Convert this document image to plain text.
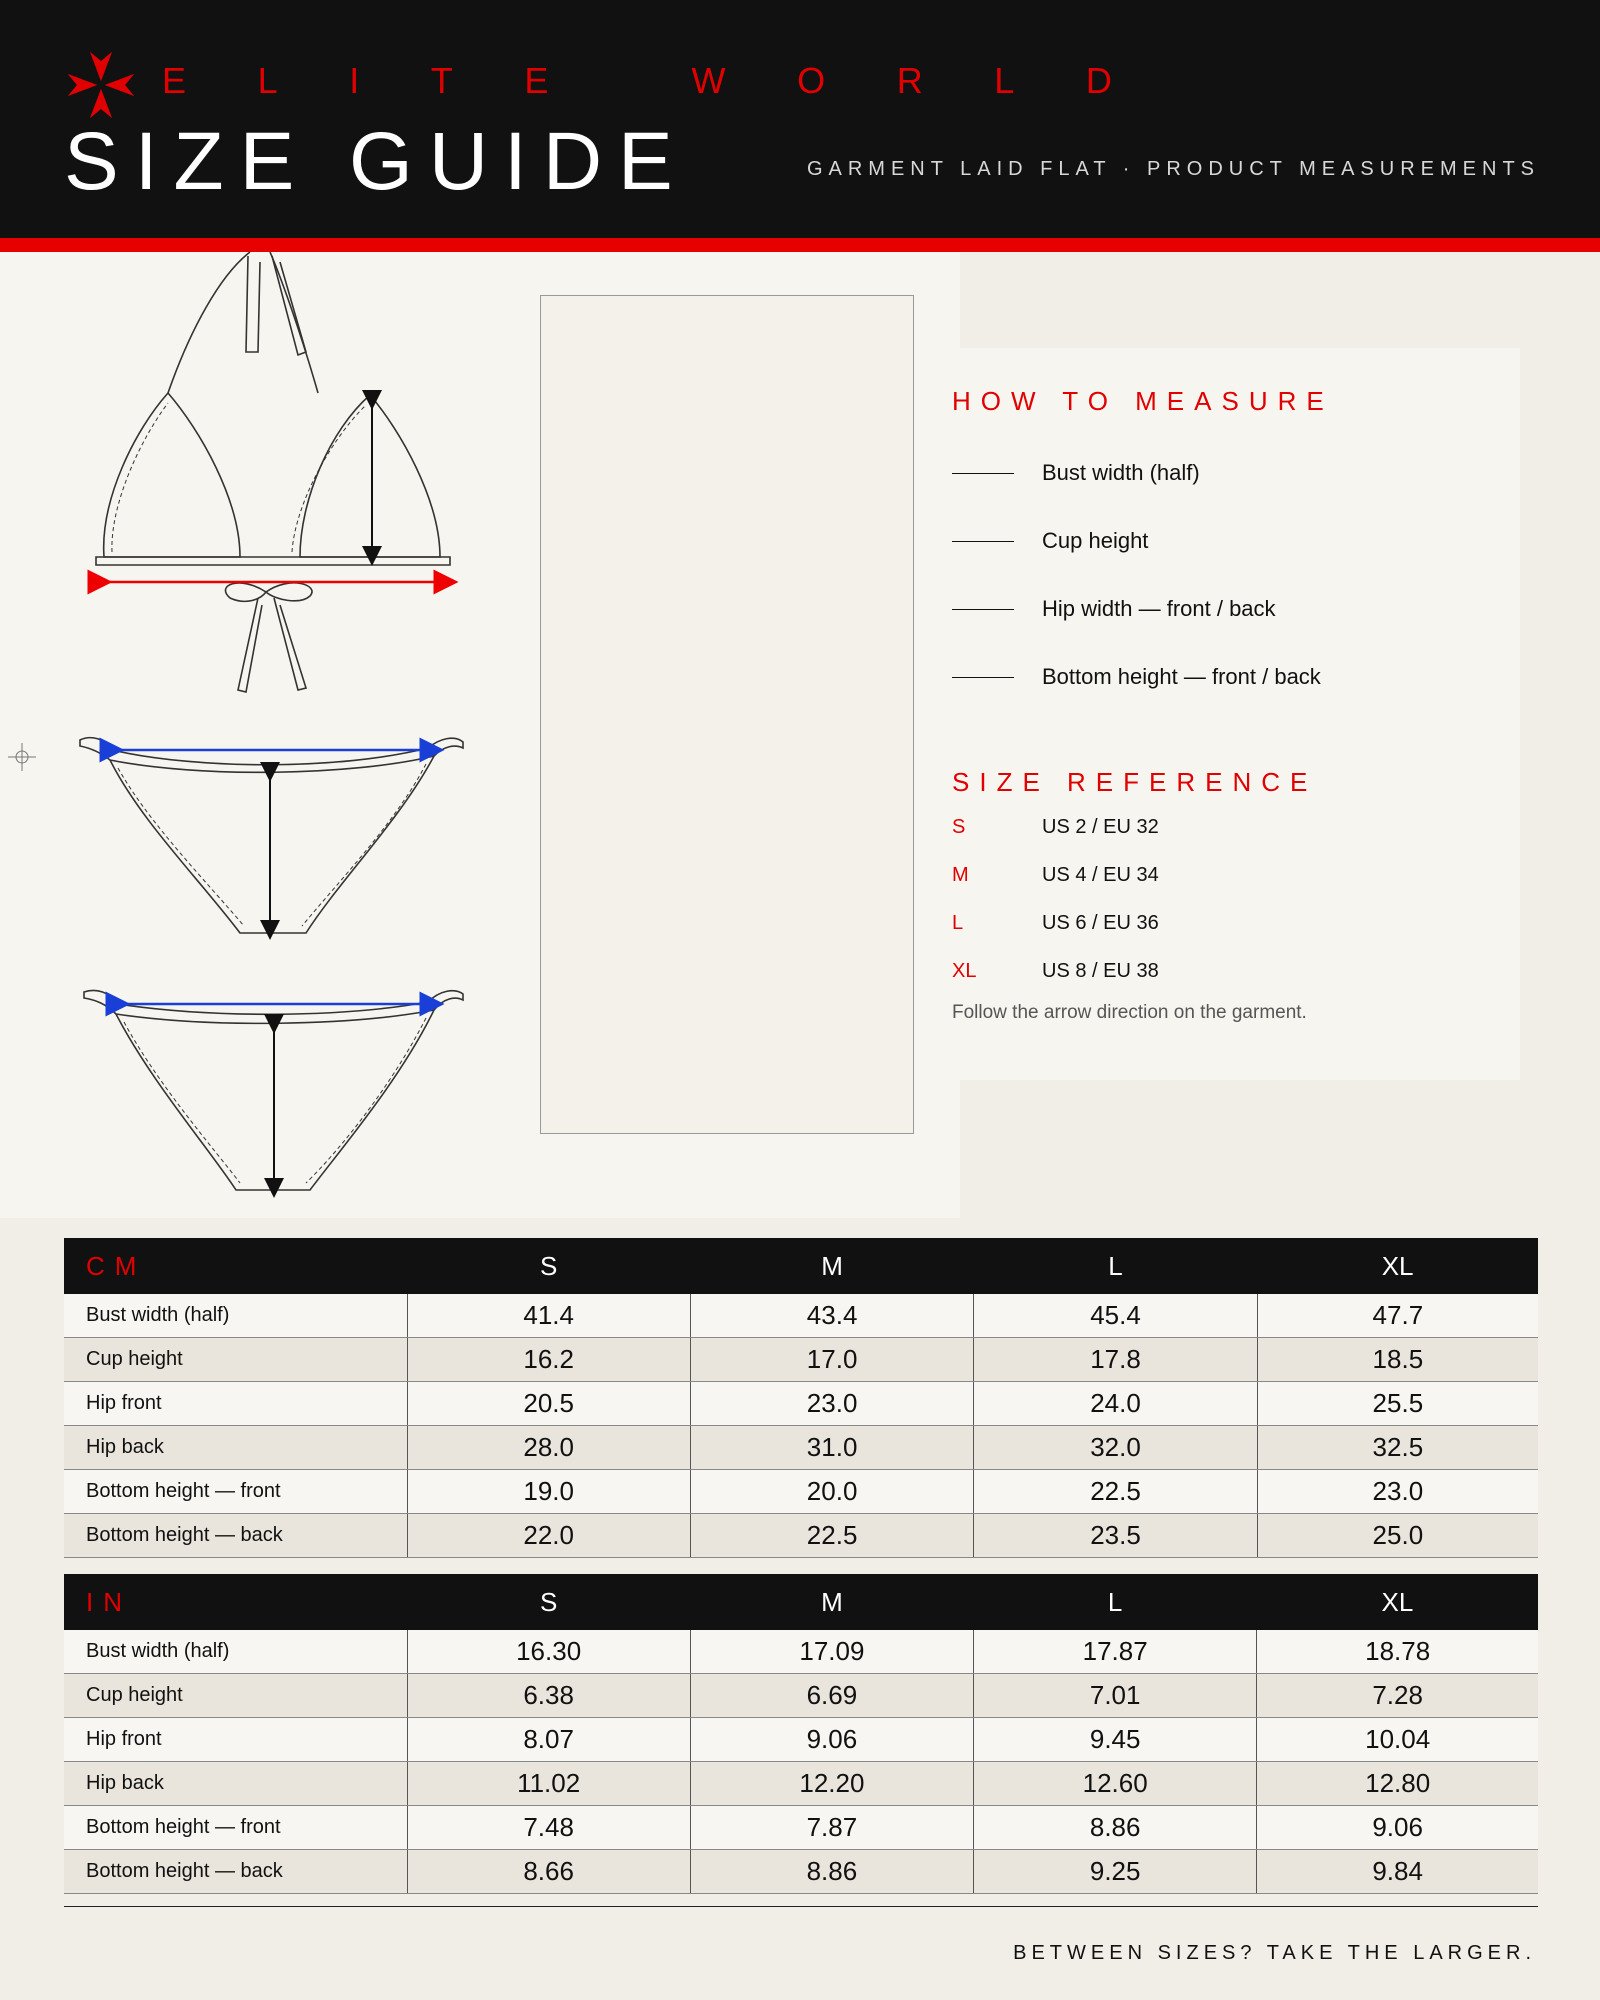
E L I T E	W O R L D
SIZE GUIDE	GARMENT LAID FLAT · PRODUCT MEASUREMENTS
HOW TO MEASURE
Bust width (half)
Cup height
Hip width — front / back
Bottom height — front / back
SIZE REFERENCE
S	US 2 / EU 32
M	US 4 / EU 34
L	US 6 / EU 36
XL	US 8 / EU 38
Follow the arrow direction on the garment.
CM	S	M	L	XL
Bust width (half)	41.4	43.4	45.4	47.7
Cup height	16.2	17.0	17.8	18.5
Hip front	20.5	23.0	24.0	25.5
Hip back	28.0	31.0	32.0	32.5
Bottom height — front	19.0	20.0	22.5	23.0
Bottom height — back	22.0	22.5	23.5	25.0
IN	S	M	L	XL
Bust width (half)	16.30	17.09	17.87	18.78
Cup height	6.38	6.69	7.01	7.28
Hip front	8.07	9.06	9.45	10.04
Hip back	11.02	12.20	12.60	12.80
Bottom height — front	7.48	7.87	8.86	9.06
Bottom height — back	8.66	8.86	9.25	9.84
BETWEEN SIZES? TAKE THE LARGER.
